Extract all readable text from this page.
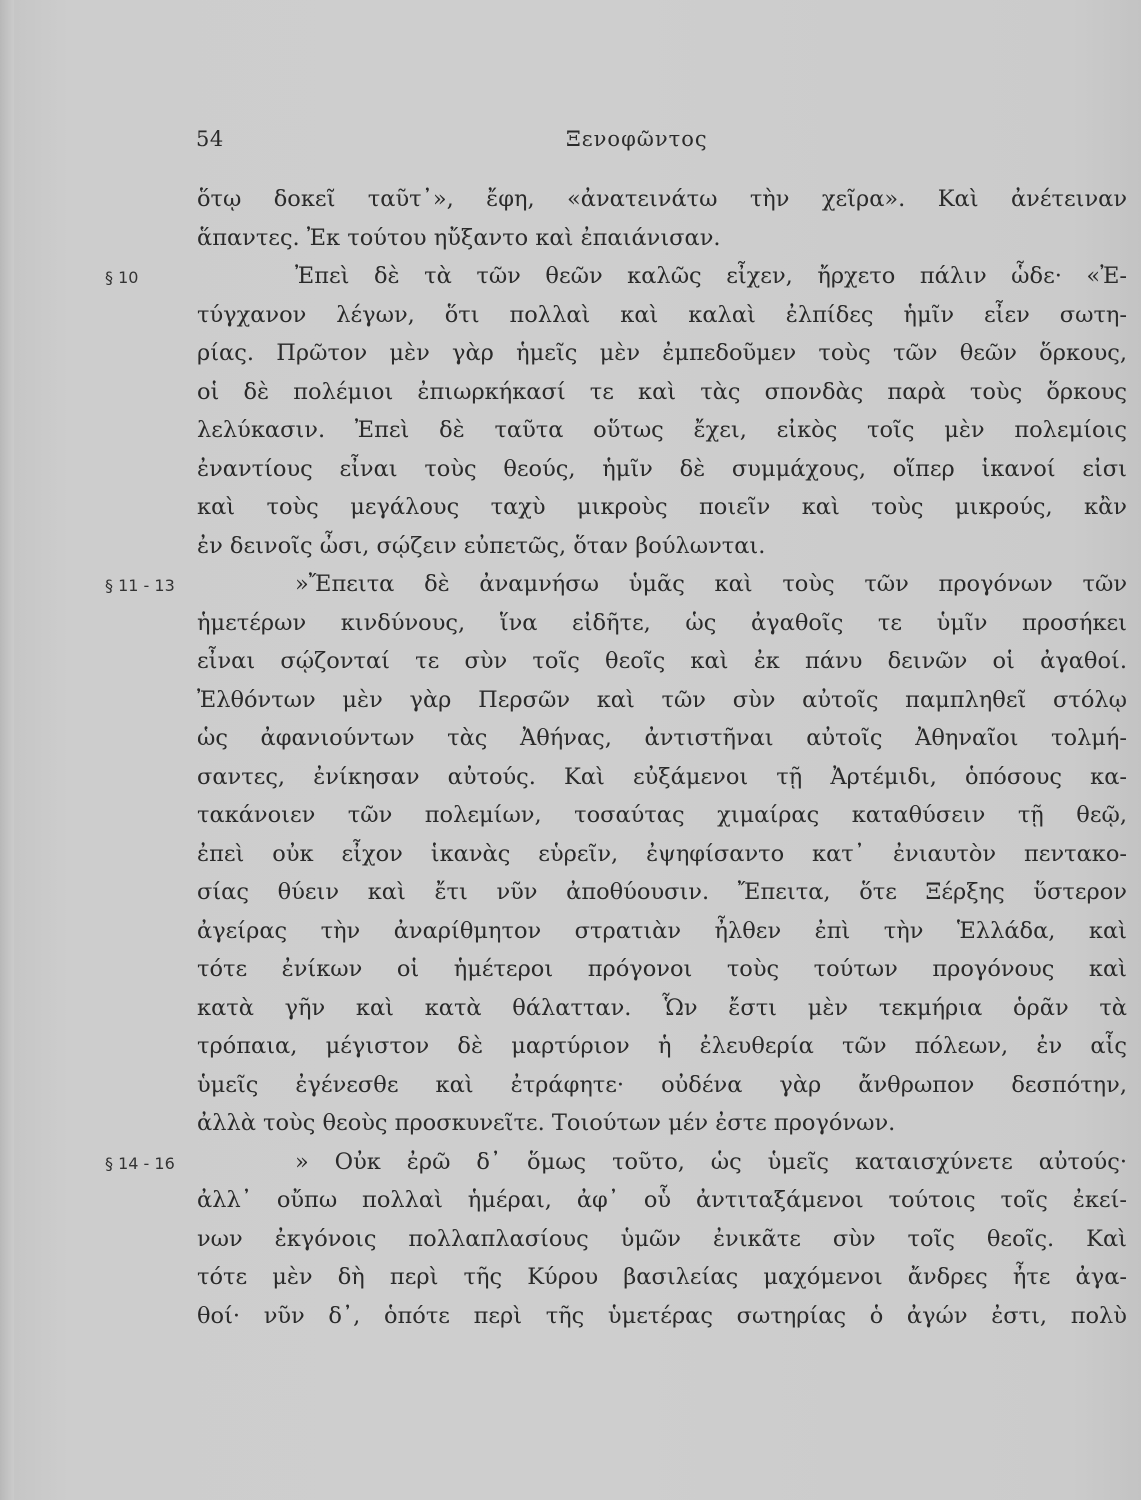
54	Ξενοφῶντος
ὅτῳ δοκεῖ ταῦτ᾽», ἔφη, «ἀνατεινάτω τὴν χεῖρα». Καὶ ἀνέτειναν
ἅπαντες. Ἐκ τούτου ηὔξαντο καὶ ἐπαιάνισαν.
§ 10	Ἐπεὶ δὲ τὰ τῶν θεῶν καλῶς εἶχεν, ἤρχετο πάλιν ὧδε· «Ἐ-
τύγχανον λέγων, ὅτι πολλαὶ καὶ καλαὶ ἐλπίδες ἡμῖν εἶεν σωτη-
ρίας. Πρῶτον μὲν γὰρ ἡμεῖς μὲν ἐμπεδοῦμεν τοὺς τῶν θεῶν ὅρκους,
οἱ δὲ πολέμιοι ἐπιωρκήκασί τε καὶ τὰς σπονδὰς παρὰ τοὺς ὅρκους
λελύκασιν. Ἐπεὶ δὲ ταῦτα οὕτως ἔχει, εἰκὸς τοῖς μὲν πολεμίοις
ἐναντίους εἶναι τοὺς θεούς, ἡμῖν δὲ συμμάχους, οἵπερ ἱκανοί εἰσι
καὶ τοὺς μεγάλους ταχὺ μικροὺς ποιεῖν καὶ τοὺς μικρούς, κἂν
ἐν δεινοῖς ὦσι, σῴζειν εὐπετῶς, ὅταν βούλωνται.
§ 11 - 13	»Ἔπειτα δὲ ἀναμνήσω ὑμᾶς καὶ τοὺς τῶν προγόνων τῶν
ἡμετέρων κινδύνους, ἵνα εἰδῆτε, ὡς ἀγαθοῖς τε ὑμῖν προσήκει
εἶναι σῴζονταί τε σὺν τοῖς θεοῖς καὶ ἐκ πάνυ δεινῶν οἱ ἀγαθοί.
Ἐλθόντων μὲν γὰρ Περσῶν καὶ τῶν σὺν αὐτοῖς παμπληθεῖ στόλῳ
ὡς ἀφανιούντων τὰς Ἀθήνας, ἀντιστῆναι αὐτοῖς Ἀθηναῖοι τολμή-
σαντες, ἐνίκησαν αὐτούς. Καὶ εὐξάμενοι τῇ Ἀρτέμιδι, ὁπόσους κα-
τακάνοιεν τῶν πολεμίων, τοσαύτας χιμαίρας καταθύσειν τῇ θεῷ,
ἐπεὶ οὐκ εἶχον ἱκανὰς εὑρεῖν, ἐψηφίσαντο κατ᾽ ἐνιαυτὸν πεντακο-
σίας θύειν καὶ ἔτι νῦν ἀποθύουσιν. Ἔπειτα, ὅτε Ξέρξης ὕστερον
ἀγείρας τὴν ἀναρίθμητον στρατιὰν ἦλθεν ἐπὶ τὴν Ἑλλάδα, καὶ
τότε ἐνίκων οἱ ἡμέτεροι πρόγονοι τοὺς τούτων προγόνους καὶ
κατὰ γῆν καὶ κατὰ θάλατταν. Ὧν ἔστι μὲν τεκμήρια ὁρᾶν τὰ
τρόπαια, μέγιστον δὲ μαρτύριον ἡ ἐλευθερία τῶν πόλεων, ἐν αἷς
ὑμεῖς ἐγένεσθε καὶ ἐτράφητε· οὐδένα γὰρ ἄνθρωπον δεσπότην,
ἀλλὰ τοὺς θεοὺς προσκυνεῖτε. Τοιούτων μέν ἐστε προγόνων.
§ 14 - 16	» Οὐκ ἐρῶ δ᾽ ὅμως τοῦτο, ὡς ὑμεῖς καταισχύνετε αὐτούς·
ἀλλ᾽ οὔπω πολλαὶ ἡμέραι, ἀφ᾽ οὗ ἀντιταξάμενοι τούτοις τοῖς ἐκεί-
νων ἐκγόνοις πολλαπλασίους ὑμῶν ἐνικᾶτε σὺν τοῖς θεοῖς. Καὶ
τότε μὲν δὴ περὶ τῆς Κύρου βασιλείας μαχόμενοι ἄνδρες ἦτε ἀγα-
θοί· νῦν δ᾽, ὁπότε περὶ τῆς ὑμετέρας σωτηρίας ὁ ἀγών ἐστι, πολὺ
